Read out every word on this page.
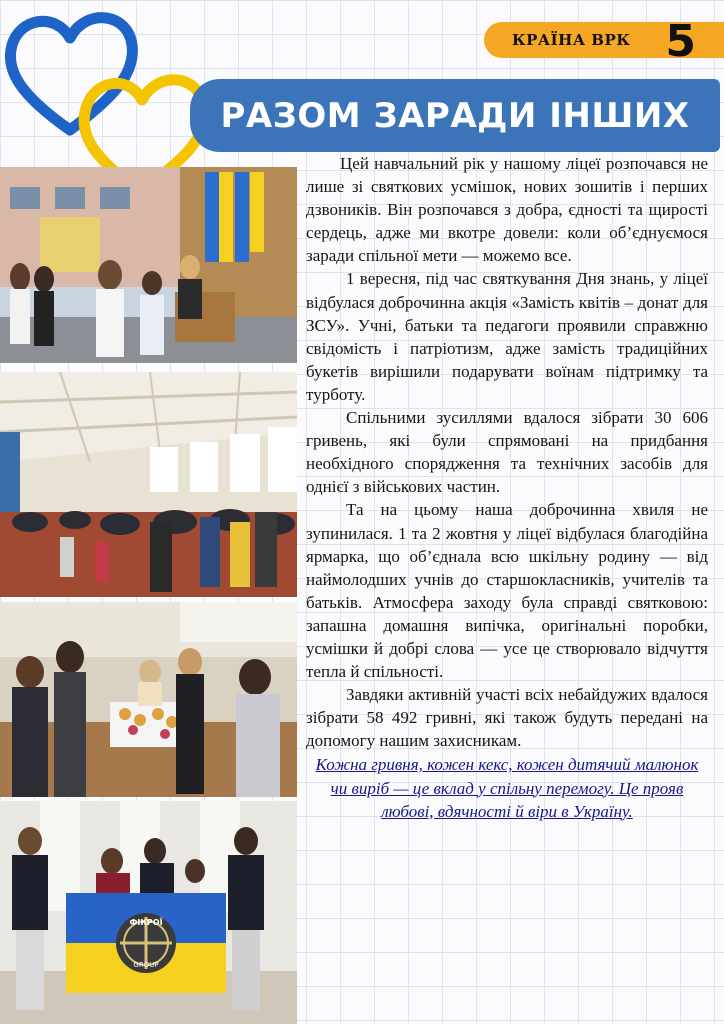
КРАЇНА ВРК 5
РАЗОМ ЗАРАДИ ІНШИХ
ФІКРОЇ
GROUP

Цей навчальний рік у нашому ліцеї розпочався не лише зі святкових усмішок, нових зошитів і перших дзвоників. Він розпочався з добра, єдності та щирості сердець, адже ми вкотре довели: коли об’єднуємося заради спільної мети — можемо все.

1 вересня, під час святкування Дня знань, у ліцеї відбулася доброчинна акція «Замість квітів – донат для ЗСУ». Учні, батьки та педагоги проявили справжню свідомість і патріотизм, адже замість традиційних букетів вирішили подарувати воїнам підтримку та турботу.

Спільними зусиллями вдалося зібрати 30 606 гривень, які були спрямовані на придбання необхідного спорядження та технічних засобів для однієї з військових частин.

Та на цьому наша доброчинна хвиля не зупинилася. 1 та 2 жовтня у ліцеї відбулася благодійна ярмарка, що об’єднала всю шкільну родину — від наймолодших учнів до старшокласників, учителів та батьків. Атмосфера заходу була справді святковою: запашна домашня випічка, оригінальні поробки, усмішки й добрі слова — усе це створювало відчуття тепла й спільності.

Завдяки активній участі всіх небайдужих вдалося зібрати 58 492 гривні, які також будуть передані на допомогу нашим захисникам.

Кожна гривня, кожен кекс, кожен дитячий малюнок чи виріб — це вклад у спільну перемогу. Це прояв любові, вдячності й віри в Україну.
